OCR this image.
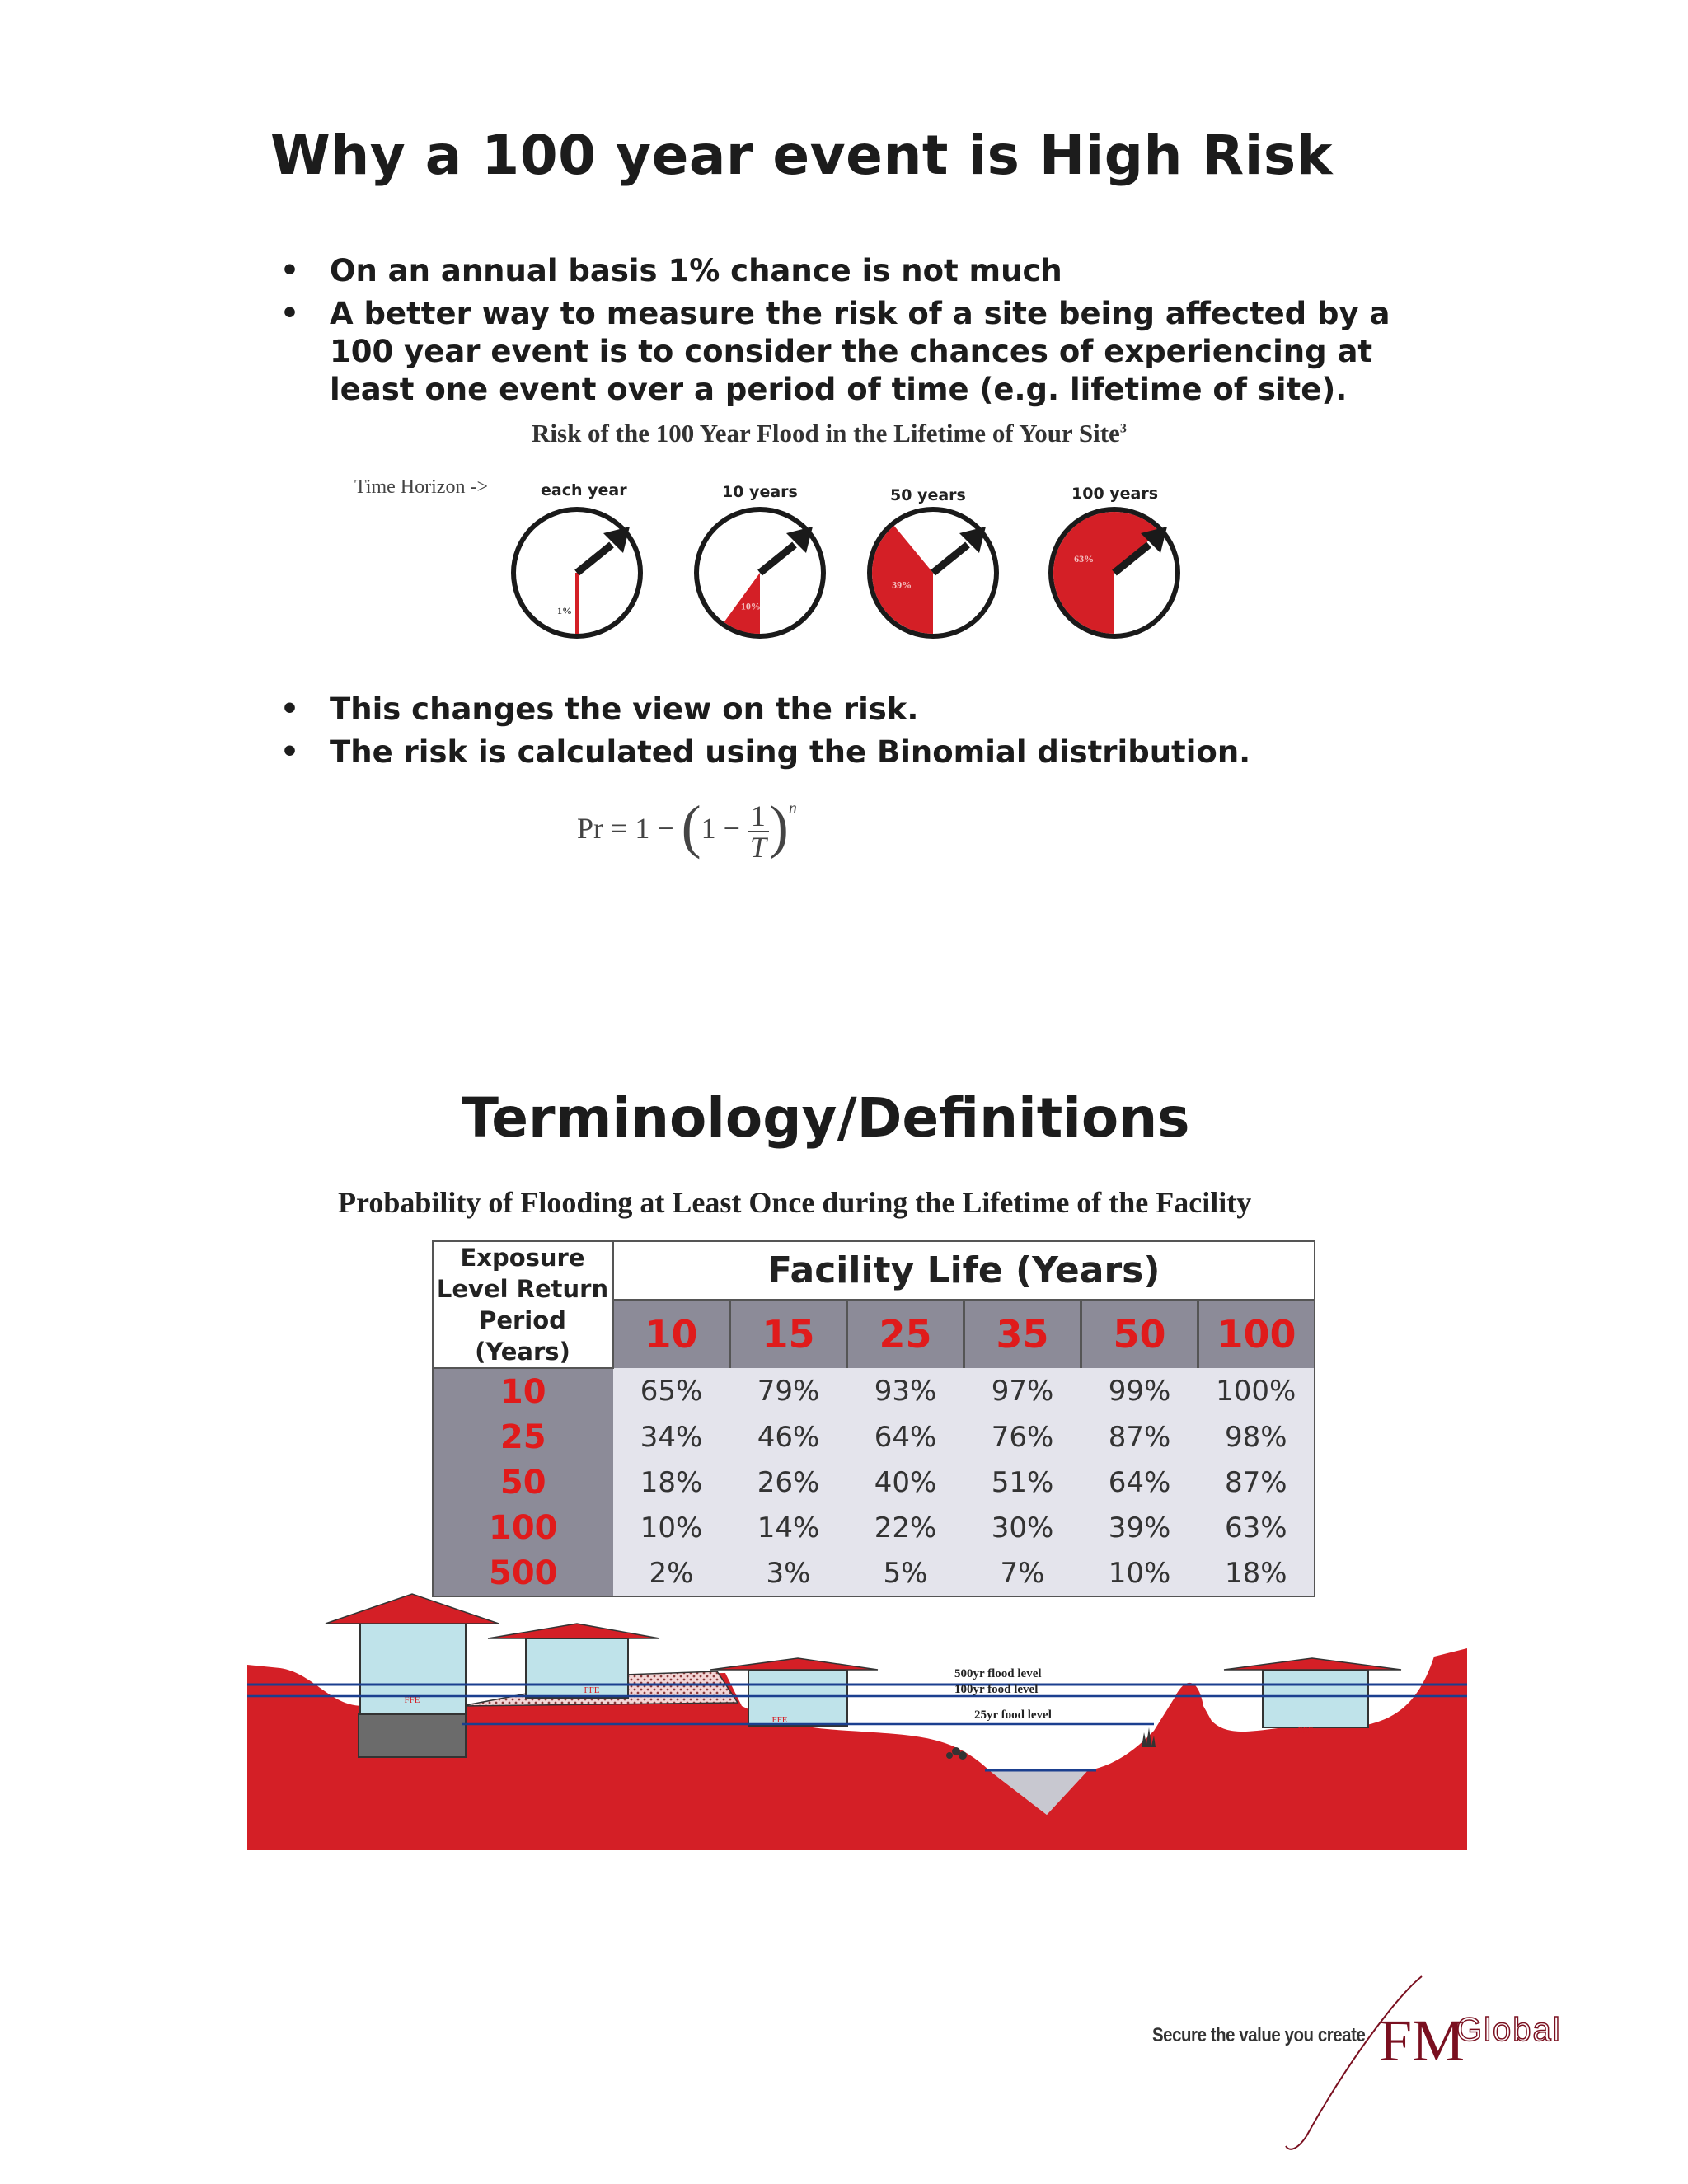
Why a 100 year event is High Risk
• On an annual basis 1% chance is not much
• A better way to measure the risk of a site being affected by a 100 year event is to consider the chances of experiencing at least one event over a period of time (e.g. lifetime of site).
Risk of the 100 Year Flood in the Lifetime of Your Site$^3$
Time Horizon ->	each year	10 years	50 years	100 years
1%	10%
39%
63%
• This changes the view on the risk.
• The risk is calculated using the Binomial distribution.
$Pr = 1 - (1 - \frac{1}{T} )^n$
Terminology/Definitions
Probability of Flooding at Least Once during the Lifetime of the Facility
Exposure Level Return Period (Years)	Facility Life (Years)					
	10	15	25	35	50	100
10	65%	79%	93%	97%	99%	100%
25	34%	46%	64%	76%	87%	98%
50	18%	26%	40%	51%	64%	87%
100	10%	14%	22%	30%	39%	63%
500	2%	3%	5%	7%	10%	18%
FFE
FFE
FFE
FFE
500yr flood level
100yr food level
25yr food level
Secure the value you create FM
Global
